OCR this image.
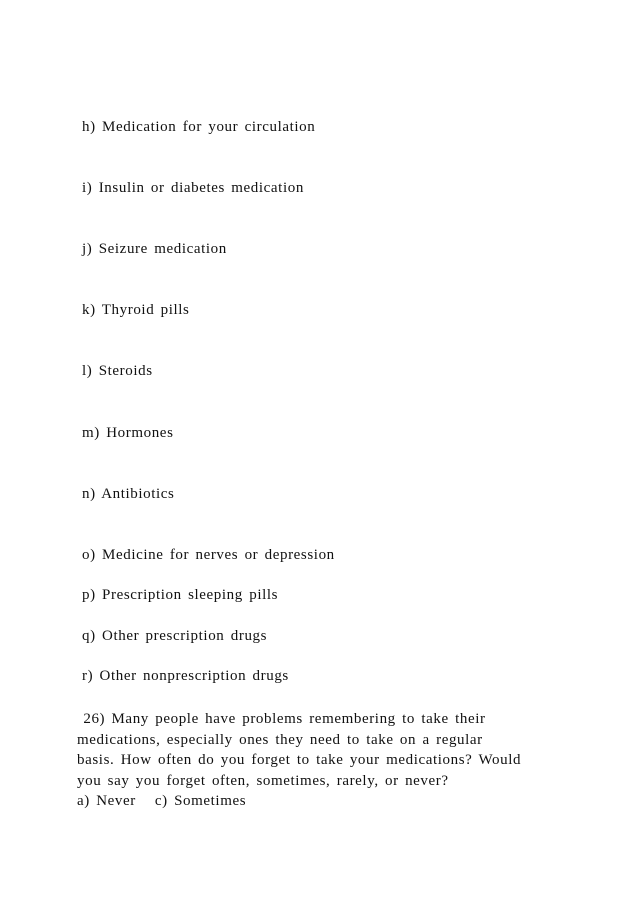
h) Medication for your circulation
i) Insulin or diabetes medication
j) Seizure medication
k) Thyroid pills
l) Steroids
m) Hormones
n) Antibiotics
o) Medicine for nerves or depression
p) Prescription sleeping pills
q) Other prescription drugs
r) Other nonprescription drugs
26) Many people have problems remembering to take their
medications, especially ones they need to take on a regular
basis. How often do you forget to take your medications? Would
you say you forget often, sometimes, rarely, or never?
a) Never   c) Sometimes
